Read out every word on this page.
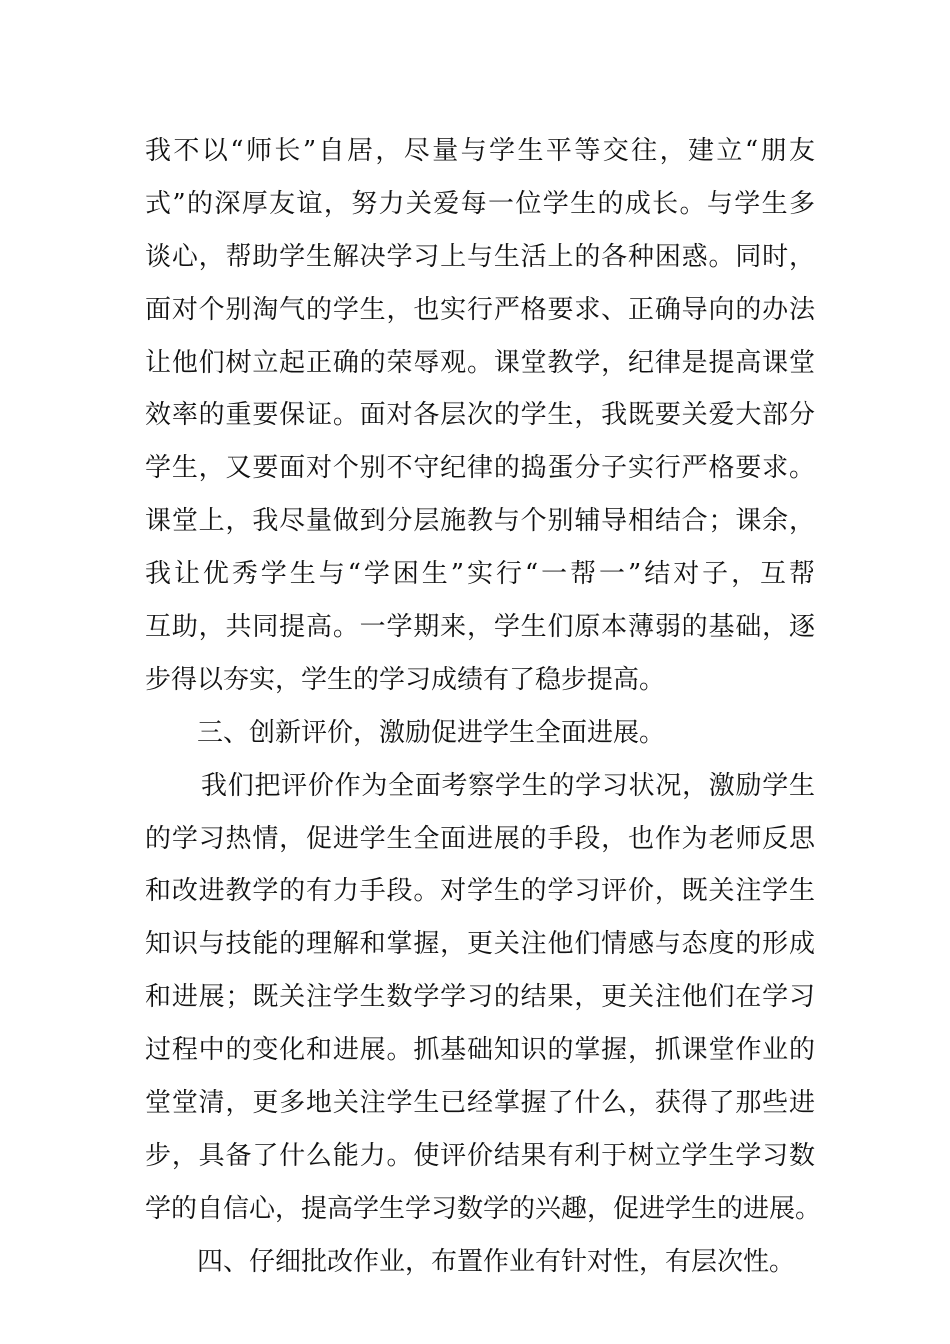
我不以“师长”自居，尽量与学生平等交往，建立“朋友
式”的深厚友谊，努力关爱每一位学生的成长。与学生多
谈心，帮助学生解决学习上与生活上的各种困惑。同时，
面对个别淘气的学生，也实行严格要求、正确导向的办法
让他们树立起正确的荣辱观。课堂教学，纪律是提高课堂
效率的重要保证。面对各层次的学生，我既要关爱大部分
学生，又要面对个别不守纪律的捣蛋分子实行严格要求。
课堂上，我尽量做到分层施教与个别辅导相结合；课余，
我让优秀学生与“学困生”实行“一帮一”结对子，互帮
互助，共同提高。一学期来，学生们原本薄弱的基础，逐
步得以夯实，学生的学习成绩有了稳步提高。
三、创新评价，激励促进学生全面进展。
我们把评价作为全面考察学生的学习状况，激励学生
的学习热情，促进学生全面进展的手段，也作为老师反思
和改进教学的有力手段。对学生的学习评价，既关注学生
知识与技能的理解和掌握，更关注他们情感与态度的形成
和进展；既关注学生数学学习的结果，更关注他们在学习
过程中的变化和进展。抓基础知识的掌握，抓课堂作业的
堂堂清，更多地关注学生已经掌握了什么，获得了那些进
步，具备了什么能力。使评价结果有利于树立学生学习数
学的自信心，提高学生学习数学的兴趣，促进学生的进展。
四、仔细批改作业，布置作业有针对性，有层次性。
